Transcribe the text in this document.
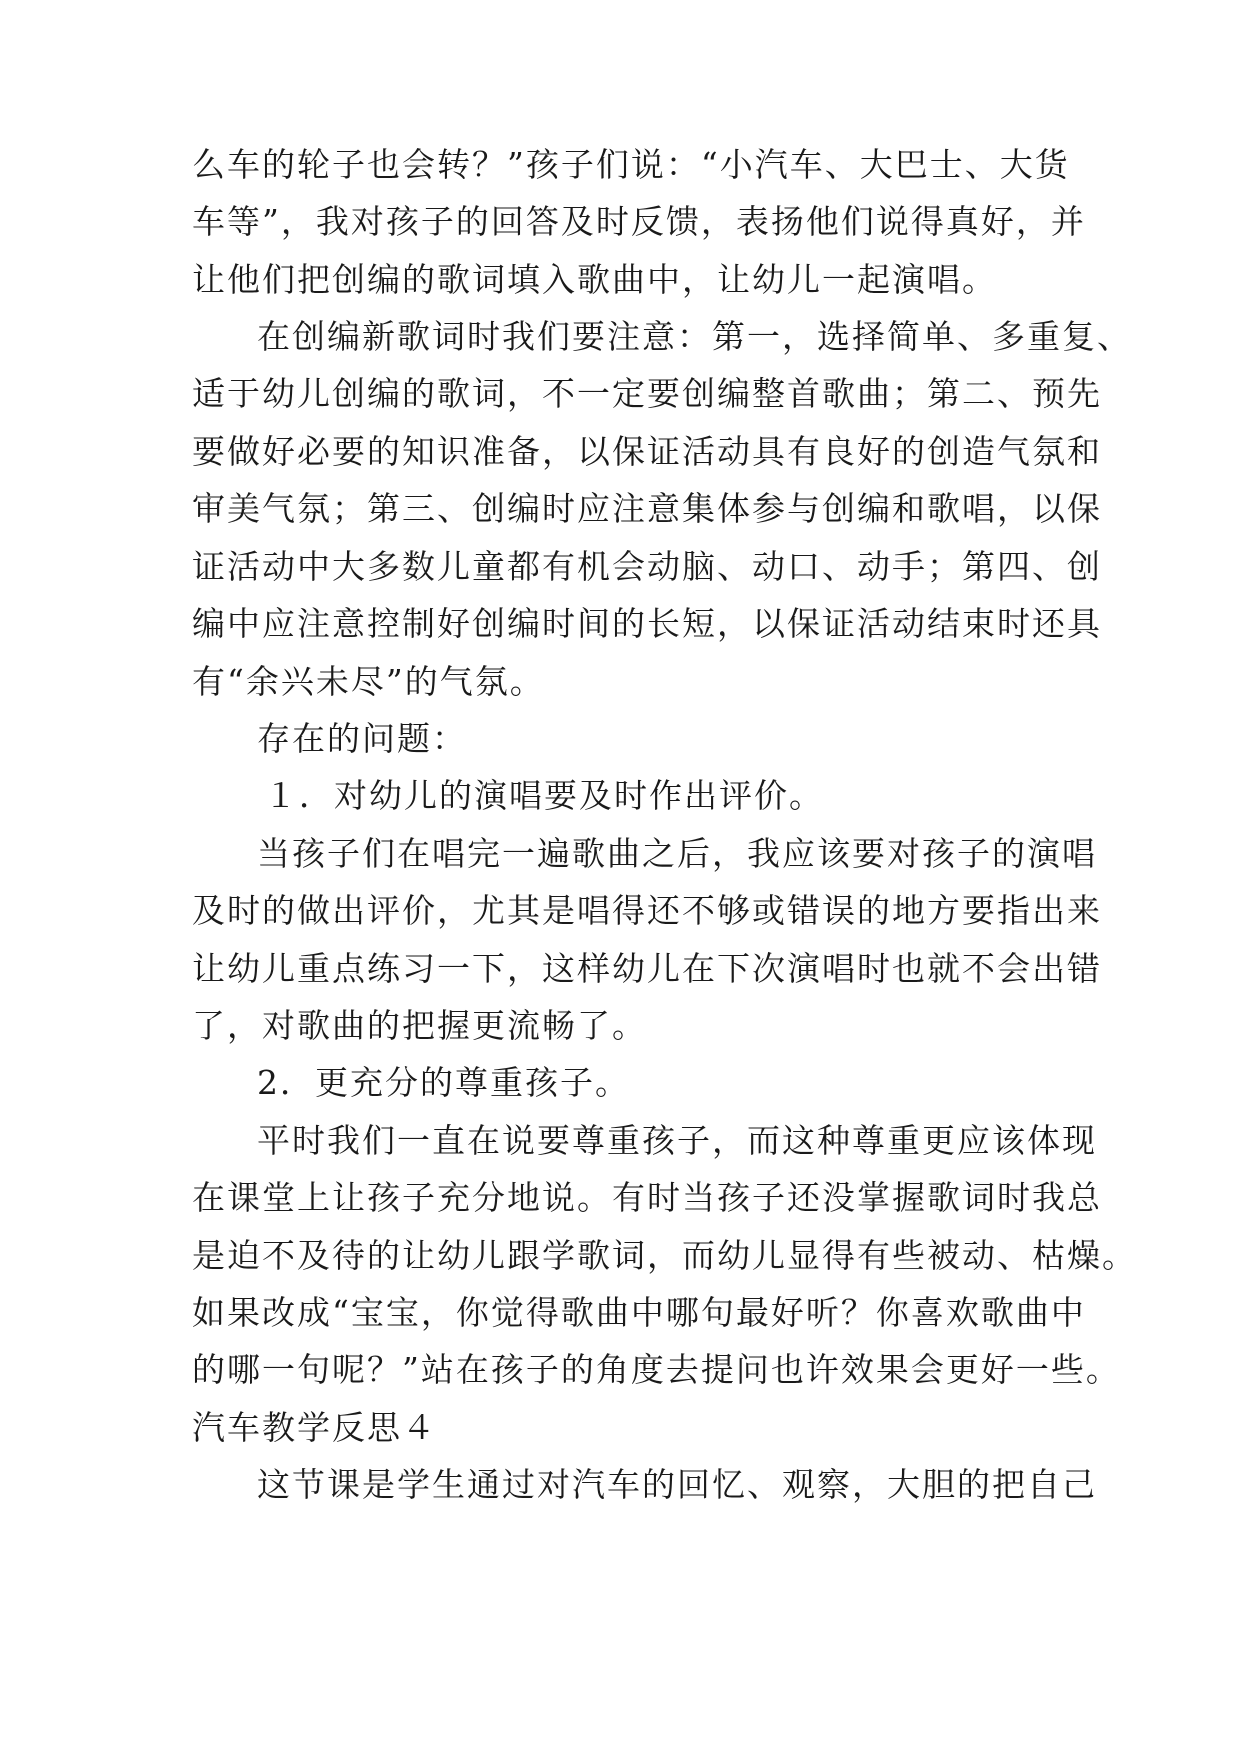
么车的轮子也会转？”孩子们说：“小汽车、大巴士、大货

车等”，我对孩子的回答及时反馈，表扬他们说得真好，并

让他们把创编的歌词填入歌曲中，让幼儿一起演唱。

在创编新歌词时我们要注意：第一，选择简单、多重复、

适于幼儿创编的歌词，不一定要创编整首歌曲；第二、预先

要做好必要的知识准备，以保证活动具有良好的创造气氛和

审美气氛；第三、创编时应注意集体参与创编和歌唱，以保

证活动中大多数儿童都有机会动脑、动口、动手；第四、创

编中应注意控制好创编时间的长短，以保证活动结束时还具

有“余兴未尽”的气氛。

存在的问题：

１．对幼儿的演唱要及时作出评价。

当孩子们在唱完一遍歌曲之后，我应该要对孩子的演唱

及时的做出评价，尤其是唱得还不够或错误的地方要指出来

让幼儿重点练习一下，这样幼儿在下次演唱时也就不会出错

了，对歌曲的把握更流畅了。

2．更充分的尊重孩子。

平时我们一直在说要尊重孩子，而这种尊重更应该体现

在课堂上让孩子充分地说。有时当孩子还没掌握歌词时我总

是迫不及待的让幼儿跟学歌词，而幼儿显得有些被动、枯燥。

如果改成“宝宝，你觉得歌曲中哪句最好听？你喜欢歌曲中

的哪一句呢？”站在孩子的角度去提问也许效果会更好一些。

汽车教学反思４

这节课是学生通过对汽车的回忆、观察，大胆的把自己
